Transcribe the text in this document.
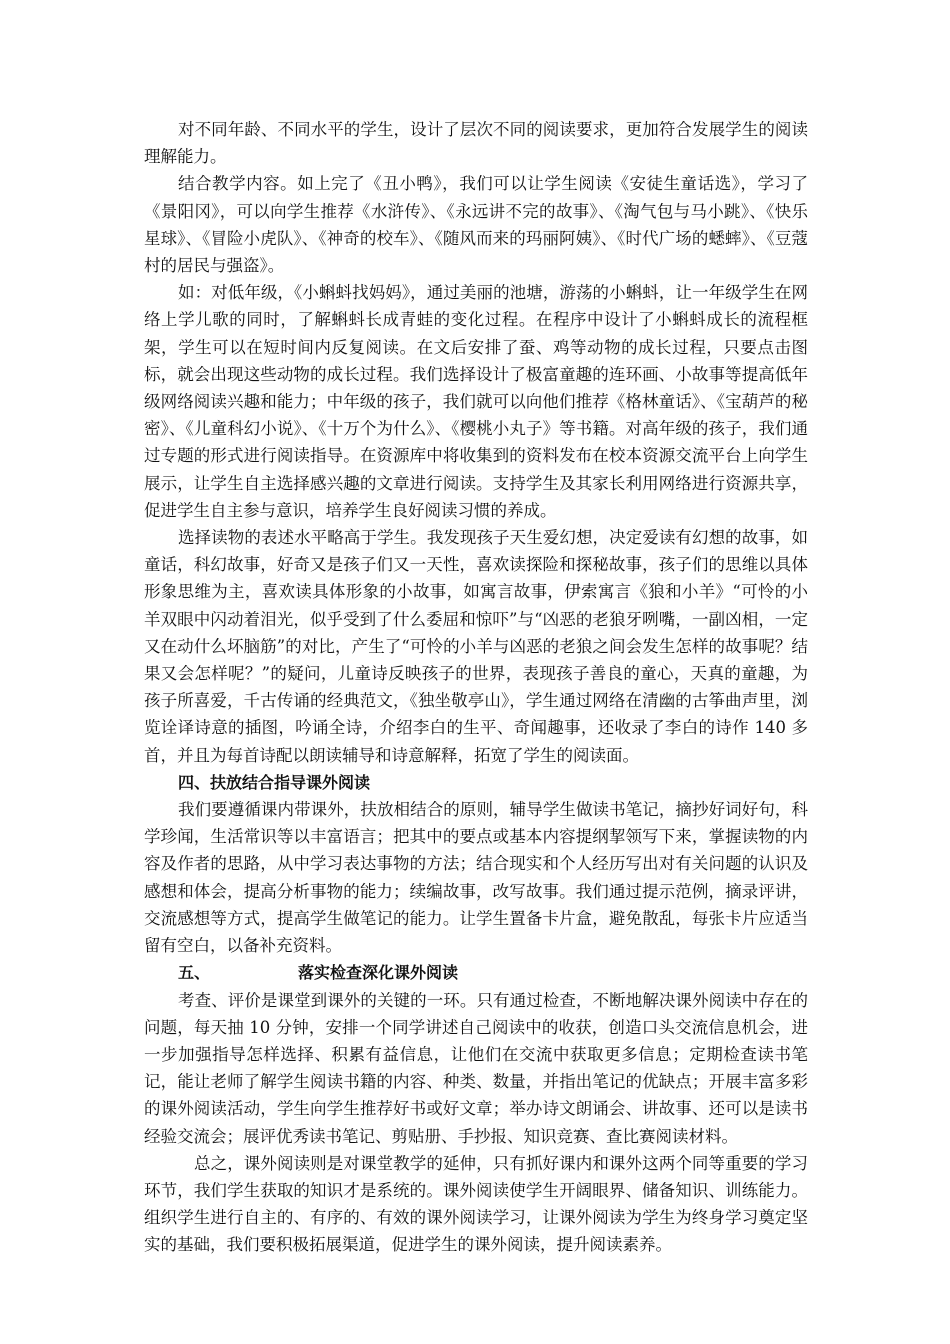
对不同年龄、不同水平的学生，设计了层次不同的阅读要求，更加符合发展学生的阅读理解能力。

结合教学内容。如上完了《丑小鸭》，我们可以让学生阅读《安徒生童话选》，学习了《景阳冈》，可以向学生推荐《水浒传》、《永远讲不完的故事》、《淘气包与马小跳》、《快乐星球》、《冒险小虎队》、《神奇的校车》、《随风而来的玛丽阿姨》、《时代广场的蟋蟀》、《豆蔻村的居民与强盗》。

如：对低年级，《小蝌蚪找妈妈》，通过美丽的池塘，游荡的小蝌蚪，让一年级学生在网络上学儿歌的同时，了解蝌蚪长成青蛙的变化过程。在程序中设计了小蝌蚪成长的流程框架，学生可以在短时间内反复阅读。在文后安排了蚕、鸡等动物的成长过程，只要点击图标，就会出现这些动物的成长过程。我们选择设计了极富童趣的连环画、小故事等提高低年级网络阅读兴趣和能力；中年级的孩子，我们就可以向他们推荐《格林童话》、《宝葫芦的秘密》、《儿童科幻小说》、《十万个为什么》、《樱桃小丸子》等书籍。对高年级的孩子，我们通过专题的形式进行阅读指导。在资源库中将收集到的资料发布在校本资源交流平台上向学生展示，让学生自主选择感兴趣的文章进行阅读。支持学生及其家长利用网络进行资源共享，促进学生自主参与意识，培养学生良好阅读习惯的养成。

选择读物的表述水平略高于学生。我发现孩子天生爱幻想，决定爱读有幻想的故事，如童话，科幻故事，好奇又是孩子们又一天性，喜欢读探险和探秘故事，孩子们的思维以具体形象思维为主，喜欢读具体形象的小故事，如寓言故事，伊索寓言《狼和小羊》“可怜的小羊双眼中闪动着泪光，似乎受到了什么委屈和惊吓”与“凶恶的老狼牙咧嘴，一副凶相，一定又在动什么坏脑筋”的对比，产生了“可怜的小羊与凶恶的老狼之间会发生怎样的故事呢？结果又会怎样呢？”的疑问，儿童诗反映孩子的世界，表现孩子善良的童心，天真的童趣，为孩子所喜爱，千古传诵的经典范文，《独坐敬亭山》，学生通过网络在清幽的古筝曲声里，浏览诠译诗意的插图，吟诵全诗，介绍李白的生平、奇闻趣事，还收录了李白的诗作 140 多首，并且为每首诗配以朗读辅导和诗意解释，拓宽了学生的阅读面。

四、扶放结合指导课外阅读

我们要遵循课内带课外，扶放相结合的原则，辅导学生做读书笔记，摘抄好词好句，科学珍闻，生活常识等以丰富语言；把其中的要点或基本内容提纲挈领写下来，掌握读物的内容及作者的思路，从中学习表达事物的方法；结合现实和个人经历写出对有关问题的认识及感想和体会，提高分析事物的能力；续编故事，改写故事。我们通过提示范例，摘录评讲，交流感想等方式，提高学生做笔记的能力。让学生置备卡片盒，避免散乱，每张卡片应适当留有空白，以备补充资料。

五、	落实检查深化课外阅读

考查、评价是课堂到课外的关键的一环。只有通过检查，不断地解决课外阅读中存在的问题，每天抽 10 分钟，安排一个同学讲述自己阅读中的收获，创造口头交流信息机会，进一步加强指导怎样选择、积累有益信息，让他们在交流中获取更多信息；定期检查读书笔记，能让老师了解学生阅读书籍的内容、种类、数量，并指出笔记的优缺点；开展丰富多彩的课外阅读活动，学生向学生推荐好书或好文章；举办诗文朗诵会、讲故事、还可以是读书经验交流会；展评优秀读书笔记、剪贴册、手抄报、知识竞赛、查比赛阅读材料。

总之，课外阅读则是对课堂教学的延伸，只有抓好课内和课外这两个同等重要的学习环节，我们学生获取的知识才是系统的。课外阅读使学生开阔眼界、储备知识、训练能力。组织学生进行自主的、有序的、有效的课外阅读学习，让课外阅读为学生为终身学习奠定坚实的基础，我们要积极拓展渠道，促进学生的课外阅读，提升阅读素养。
